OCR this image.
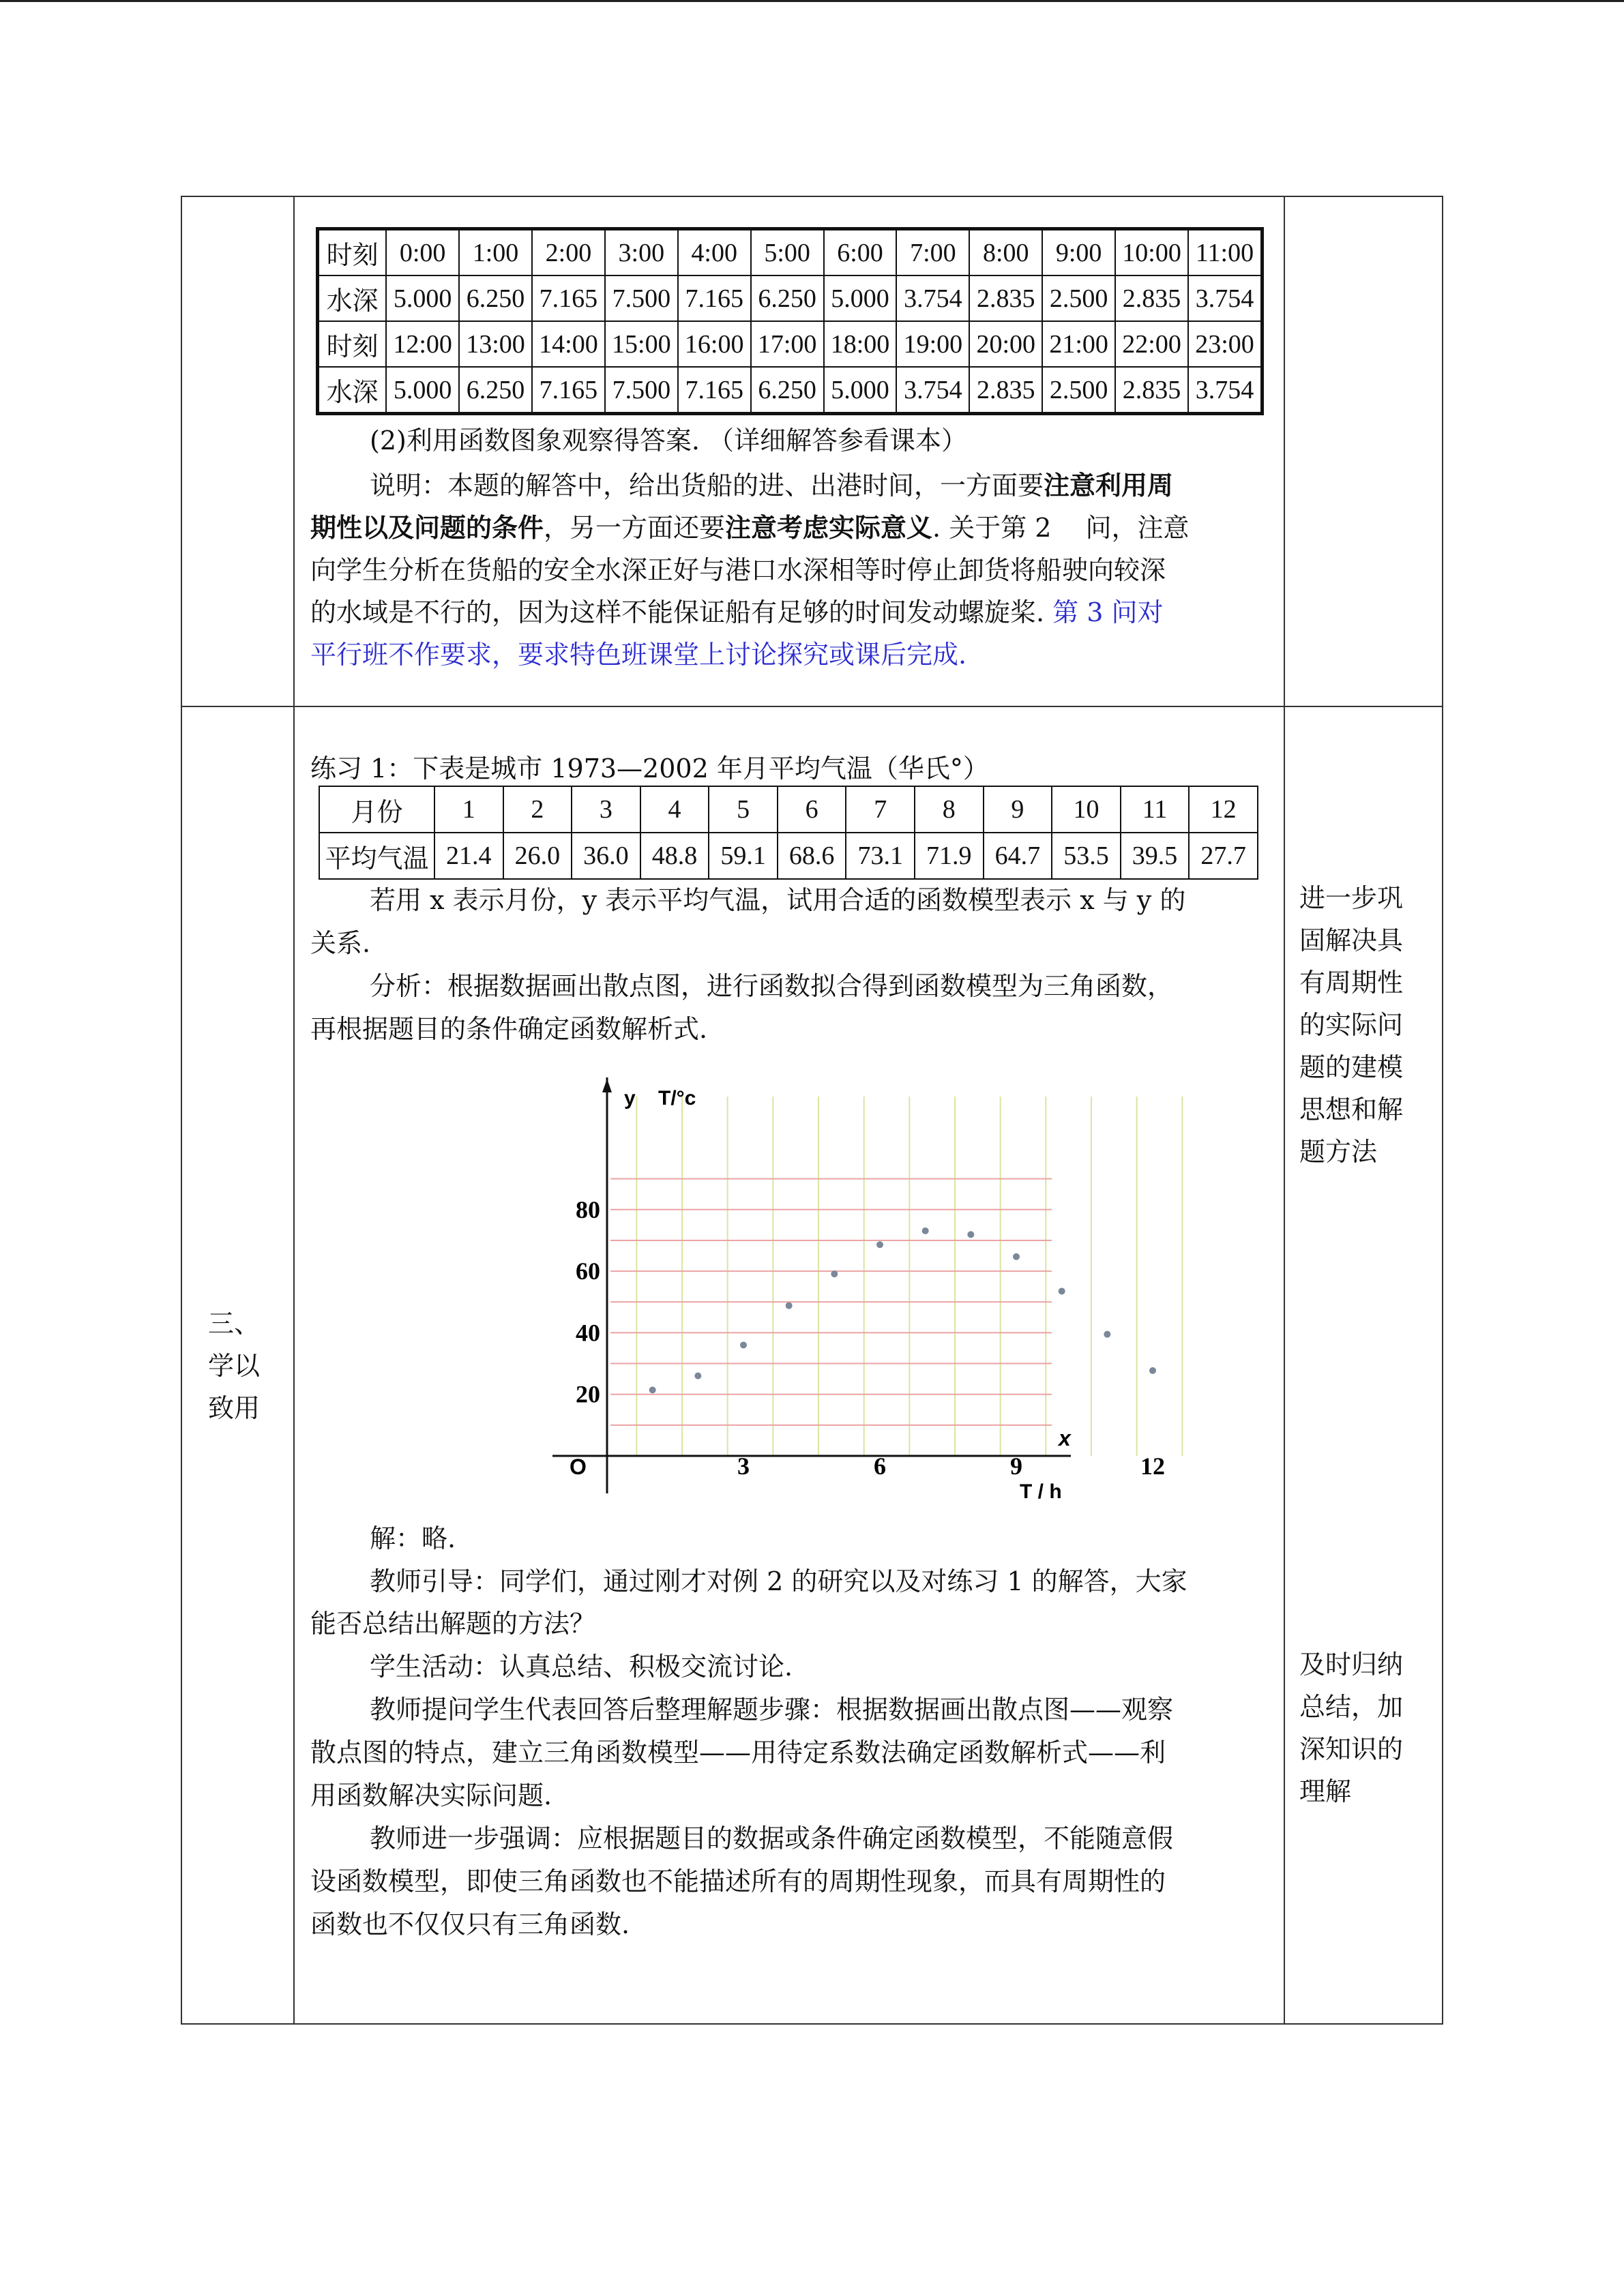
时刻	0:00	1:00	2:00	3:00	4:00	5:00	6:00	7:00	8:00	9:00	10:00	11:00
水深	5.000	6.250	7.165	7.500	7.165	6.250	5.000	3.754	2.835	2.500	2.835	3.754
时刻	12:00	13:00	14:00	15:00	16:00	17:00	18:00	19:00	20:00	21:00	22:00	23:00
水深	5.000	6.250	7.165	7.500	7.165	6.250	5.000	3.754	2.835	2.500	2.835	3.754
(2)利用函数图象观察得答案. （详细解答参看课本）
说明：本题的解答中，给出货船的进、出港时间，一方面要注意利用周
期性以及问题的条件，另一方面还要注意考虑实际意义. 关于第 2　 问，注意
向学生分析在货船的安全水深正好与港口水深相等时停止卸货将船驶向较深
的水域是不行的，因为这样不能保证船有足够的时间发动螺旋桨. 第 3 问对
平行班不作要求，要求特色班课堂上讨论探究或课后完成.
三、
学以
致用
练习 1：下表是城市 1973—2002 年月平均气温（华氏°）
月份	1	2	3	4	5	6	7	8	9	10	11	12
平均气温	21.4	26.0	36.0	48.8	59.1	68.6	73.1	71.9	64.7	53.5	39.5	27.7
若用 x 表示月份，y 表示平均气温，试用合适的函数模型表示 x 与 y 的
关系.
分析：根据数据画出散点图，进行函数拟合得到函数模型为三角函数，
再根据题目的条件确定函数解析式.
y T/°c
x
T / h
O	3	6	9	12
20
40
60
80
解：略.
教师引导：同学们，通过刚才对例 2 的研究以及对练习 1 的解答，大家
能否总结出解题的方法？
学生活动：认真总结、积极交流讨论.
教师提问学生代表回答后整理解题步骤：根据数据画出散点图——观察
散点图的特点，建立三角函数模型——用待定系数法确定函数解析式——利
用函数解决实际问题.
教师进一步强调：应根据题目的数据或条件确定函数模型，不能随意假
设函数模型，即使三角函数也不能描述所有的周期性现象，而具有周期性的
函数也不仅仅只有三角函数.
进一步巩
固解决具
有周期性
的实际问
题的建模
思想和解
题方法
及时归纳
总结，加
深知识的
理解
